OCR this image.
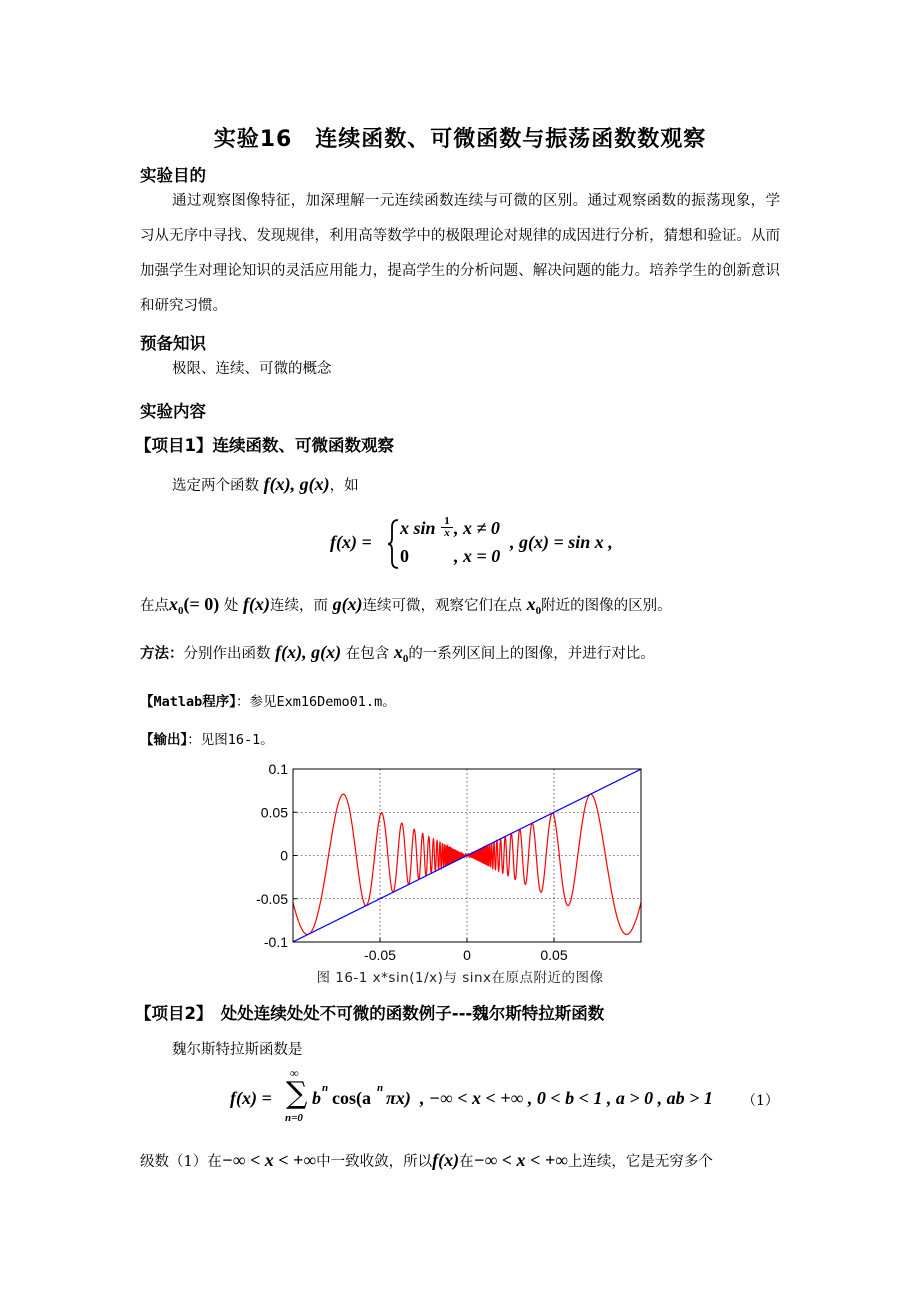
实验16　连续函数、可微函数与振荡函数数观察
实验目的
通过观察图像特征，加深理解一元连续函数连续与可微的区别。通过观察函数的振荡现象，学习从无序中寻找、发现规律，利用高等数学中的极限理论对规律的成因进行分析，猜想和验证。从而加强学生对理论知识的灵活应用能力，提高学生的分析问题、解决问题的能力。培养学生的创新意识和研究习惯。
预备知识
极限、连续、可微的概念
实验内容
【项目1】连续函数、可微函数观察
选定两个函数 f(x), g(x)，如
f(x) =
x $\sin \frac{1}{x}$ , x ≠ 0
0	, x = 0
, g(x) = sin x ,
在点$x_0(= 0)$ 处 f(x)连续，而 g(x)连续可微，观察它们在点 $x_0$附近的图像的区别。
方法：分别作出函数 f(x), g(x) 在包含 $x_0$的一系列区间上的图像，并进行对比。
【Matlab程序】：参见Exm16Demo01.m。
【输出】：见图16-1。
-0.05	0	0.05
0.1
0.05
0
-0.05
-0.1
图 16-1 x*sin(1/x)与 sinx在原点附近的图像
【项目2】　处处连续处处不可微的函数例子---魏尔斯特拉斯函数
魏尔斯特拉斯函数是
f(x) =
∞
∑
n=0
b n cos(a n πx) , −∞ < x < +∞ , 0 < b < 1 , a > 0 , ab > 1 （1）
级数（1）在−∞ < x < +∞中一致收敛，所以f(x)在−∞ < x < +∞上连续，它是无穷多个
